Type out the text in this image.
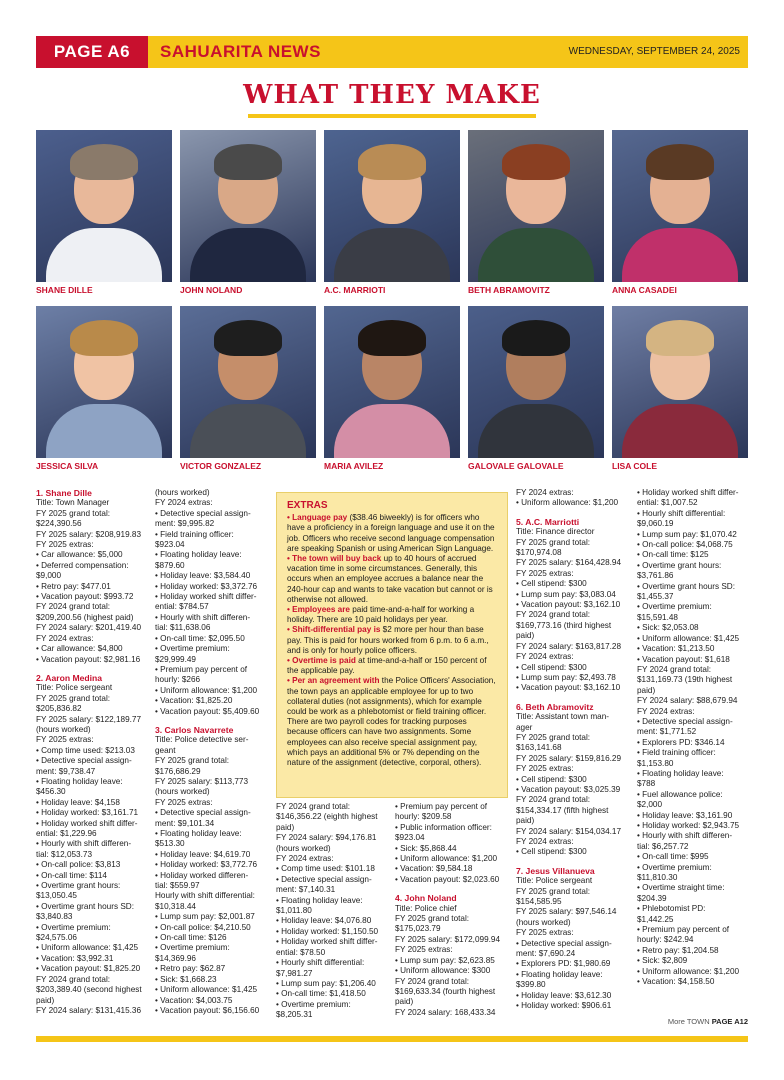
PAGE A6	SAHUARITA NEWS	WEDNESDAY, SEPTEMBER 24, 2025
WHAT THEY MAKE
SHANE DILLE	JOHN NOLAND	A.C. MARRIOTI	BETH ABRAMOVITZ	ANNA CASADEI
JESSICA SILVA	VICTOR GONZALEZ	MARIA AVILEZ	GALOVALE GALOVALE	LISA COLE
1. Shane Dille
Title: Town Manager
FY 2025 grand total:
$224,390.56
FY 2025 salary: $208,919.83
FY 2025 extras:
• Car allowance: $5,000
• Deferred compensation:
$9,000
• Retro pay: $477.01
• Vacation payout: $993.72
FY 2024 grand total:
$209,200.56 (highest paid)
FY 2024 salary: $201,419.40
FY 2024 extras:
• Car allowance: $4,800
• Vacation payout: $2,981.16
2. Aaron Medina
Title: Police sergeant
FY 2025 grand total:
$205,836.82
FY 2025 salary: $122,189.77
(hours worked)
FY 2025 extras:
• Comp time used: $213.03
• Detective special assign-
ment: $9,738.47
• Floating holiday leave:
$456.30
• Holiday leave: $4,158
• Holiday worked: $3,161.71
• Holiday worked shift differ-
ential: $1,229.96
• Hourly with shift differen-
tial: $12,053.73
• On-call police: $3,813
• On-call time: $114
• Overtime grant hours:
$13,050.45
• Overtime grant hours SD:
$3,840.83
• Overtime premium:
$24,575.06
• Uniform allowance: $1,425
• Vacation: $3,992.31
• Vacation payout: $1,825.20
FY 2024 grand total:
$203,389.40 (second highest
paid)
FY 2024 salary: $131,415.36
(hours worked)
FY 2024 extras:
• Detective special assign-
ment: $9,995.82
• Field training officer:
$923.04
• Floating holiday leave:
$879.60
• Holiday leave: $3,584.40
• Holiday worked: $3,372.76
• Holiday worked shift differ-
ential: $784.57
• Hourly with shift differen-
tial: $11,638.06
• On-call time: $2,095.50
• Overtime premium:
$29,999.49
• Premium pay percent of
hourly: $266
• Uniform allowance: $1,200
• Vacation: $1,825.20
• Vacation payout: $5,409.60
3. Carlos Navarrete
Title: Police detective ser-
geant
FY 2025 grand total:
$176,686.29
FY 2025 salary: $113,773
(hours worked)
FY 2025 extras:
• Detective special assign-
ment: $9,101.34
• Floating holiday leave:
$513.30
• Holiday leave: $4,619.70
• Holiday worked: $3,772.76
• Holiday worked differen-
tial: $559.97
Hourly with shift differential:
$10,318.44
• Lump sum pay: $2,001.87
• On-call police: $4,210.50
• On-call time: $126
• Overtime premium:
$14,369.96
• Retro pay: $62.87
• Sick: $1,668.23
• Uniform allowance: $1,425
• Vacation: $4,003.75
• Vacation payout: $6,156.60
EXTRAS
• Language pay ($38.46 biweekly) is for officers who have a proficiency in a foreign language and use it on the job. Officers who receive second language compensation are speaking Spanish or using American Sign Language.
• The town will buy back up to 40 hours of accrued vacation time in some circumstances. Generally, this occurs when an employee accrues a balance near the 240-hour cap and wants to take vacation but cannot or is otherwise not allowed.
• Employees are paid time-and-a-half for working a holiday. There are 10 paid holidays per year.
• Shift-differential pay is $2 more per hour than base pay. This is paid for hours worked from 6 p.m. to 6 a.m., and is only for hourly police officers.
• Overtime is paid at time-and-a-half or 150 percent of the applicable pay.
• Per an agreement with the Police Officers' Association, the town pays an applicable employee for up to two collateral duties (not assignments), which for example could be work as a phlebotomist or field training officer. There are two payroll codes for tracking purposes because officers can have two assignments. Some employees can also receive special assignment pay, which pays an additional 5% or 7% depending on the nature of the assignment (detective, corporal, others).
FY 2024 grand total:
$146,356.22 (eighth highest
paid)
FY 2024 salary: $94,176.81
(hours worked)
FY 2024 extras:
• Comp time used: $101.18
• Detective special assign-
ment: $7,140.31
• Floating holiday leave:
$1,011.80
• Holiday leave: $4,076.80
• Holiday worked: $1,150.50
• Holiday worked shift differ-
ential: $78.50
• Hourly shift differential:
$7,981.27
• Lump sum pay: $1,206.40
• On-call time: $1,418.50
• Overtime premium:
$8,205.31
• Premium pay percent of
hourly: $209.58
• Public information officer:
$923.04
• Sick: $5,868.44
• Uniform allowance: $1,200
• Vacation: $9,584.18
• Vacation payout: $2,023.60
4. John Noland
Title: Police chief
FY 2025 grand total:
$175,023.79
FY 2025 salary: $172,099.94
FY 2025 extras:
• Lump sum pay: $2,623.85
• Uniform allowance: $300
FY 2024 grand total:
$169,633.34 (fourth highest
paid)
FY 2024 salary: 168,433.34
FY 2024 extras:
• Uniform allowance: $1,200
5. A.C. Marriotti
Title: Finance director
FY 2025 grand total:
$170,974.08
FY 2025 salary: $164,428.94
FY 2025 extras:
• Cell stipend: $300
• Lump sum pay: $3,083.04
• Vacation payout: $3,162.10
FY 2024 grand total:
$169,773.16 (third highest
paid)
FY 2024 salary: $163,817.28
FY 2024 extras:
• Cell stipend: $300
• Lump sum pay: $2,493.78
• Vacation payout: $3,162.10
6. Beth Abramovitz
Title: Assistant town man-
ager
FY 2025 grand total:
$163,141.68
FY 2025 salary: $159,816.29
FY 2025 extras:
• Cell stipend: $300
• Vacation payout: $3,025.39
FY 2024 grand total:
$154,334.17 (fifth highest
paid)
FY 2024 salary: $154,034.17
FY 2024 extras:
• Cell stipend: $300
7. Jesus Villanueva
Title: Police sergeant
FY 2025 grand total:
$154,585.95
FY 2025 salary: $97,546.14
(hours worked)
FY 2025 extras:
• Detective special assign-
ment: $7,690.24
• Explorers PD: $1,980.69
• Floating holiday leave:
$399.80
• Holiday leave: $3,612.30
• Holiday worked: $906.61
• Holiday worked shift differ-
ential: $1,007.52
• Hourly shift differential:
$9,060.19
• Lump sum pay: $1,070.42
• On-call police: $4,068.75
• On-call time: $125
• Overtime grant hours:
$3,761.86
• Overtime grant hours SD:
$1,455.37
• Overtime premium:
$15,591.48
• Sick: $2,053.08
• Uniform allowance: $1,425
• Vacation: $1,213.50
• Vacation payout: $1,618
FY 2024 grand total:
$131,169.73 (19th highest
paid)
FY 2024 salary: $88,679.94
FY 2024 extras:
• Detective special assign-
ment: $1,771.52
• Explorers PD: $346.14
• Field training officer:
$1,153.80
• Floating holiday leave:
$788
• Fuel allowance police:
$2,000
• Holiday leave: $3,161.90
• Holiday worked: $2,943.75
• Hourly with shift differen-
tial: $6,257.72
• On-call time: $995
• Overtime premium:
$11,810.30
• Overtime straight time:
$204.39
• Phlebotomist PD:
$1,442.25
• Premium pay percent of
hourly: $242.94
• Retro pay: $1,204.58
• Sick: $2,809
• Uniform allowance: $1,200
• Vacation: $4,158.50
More TOWN PAGE A12
